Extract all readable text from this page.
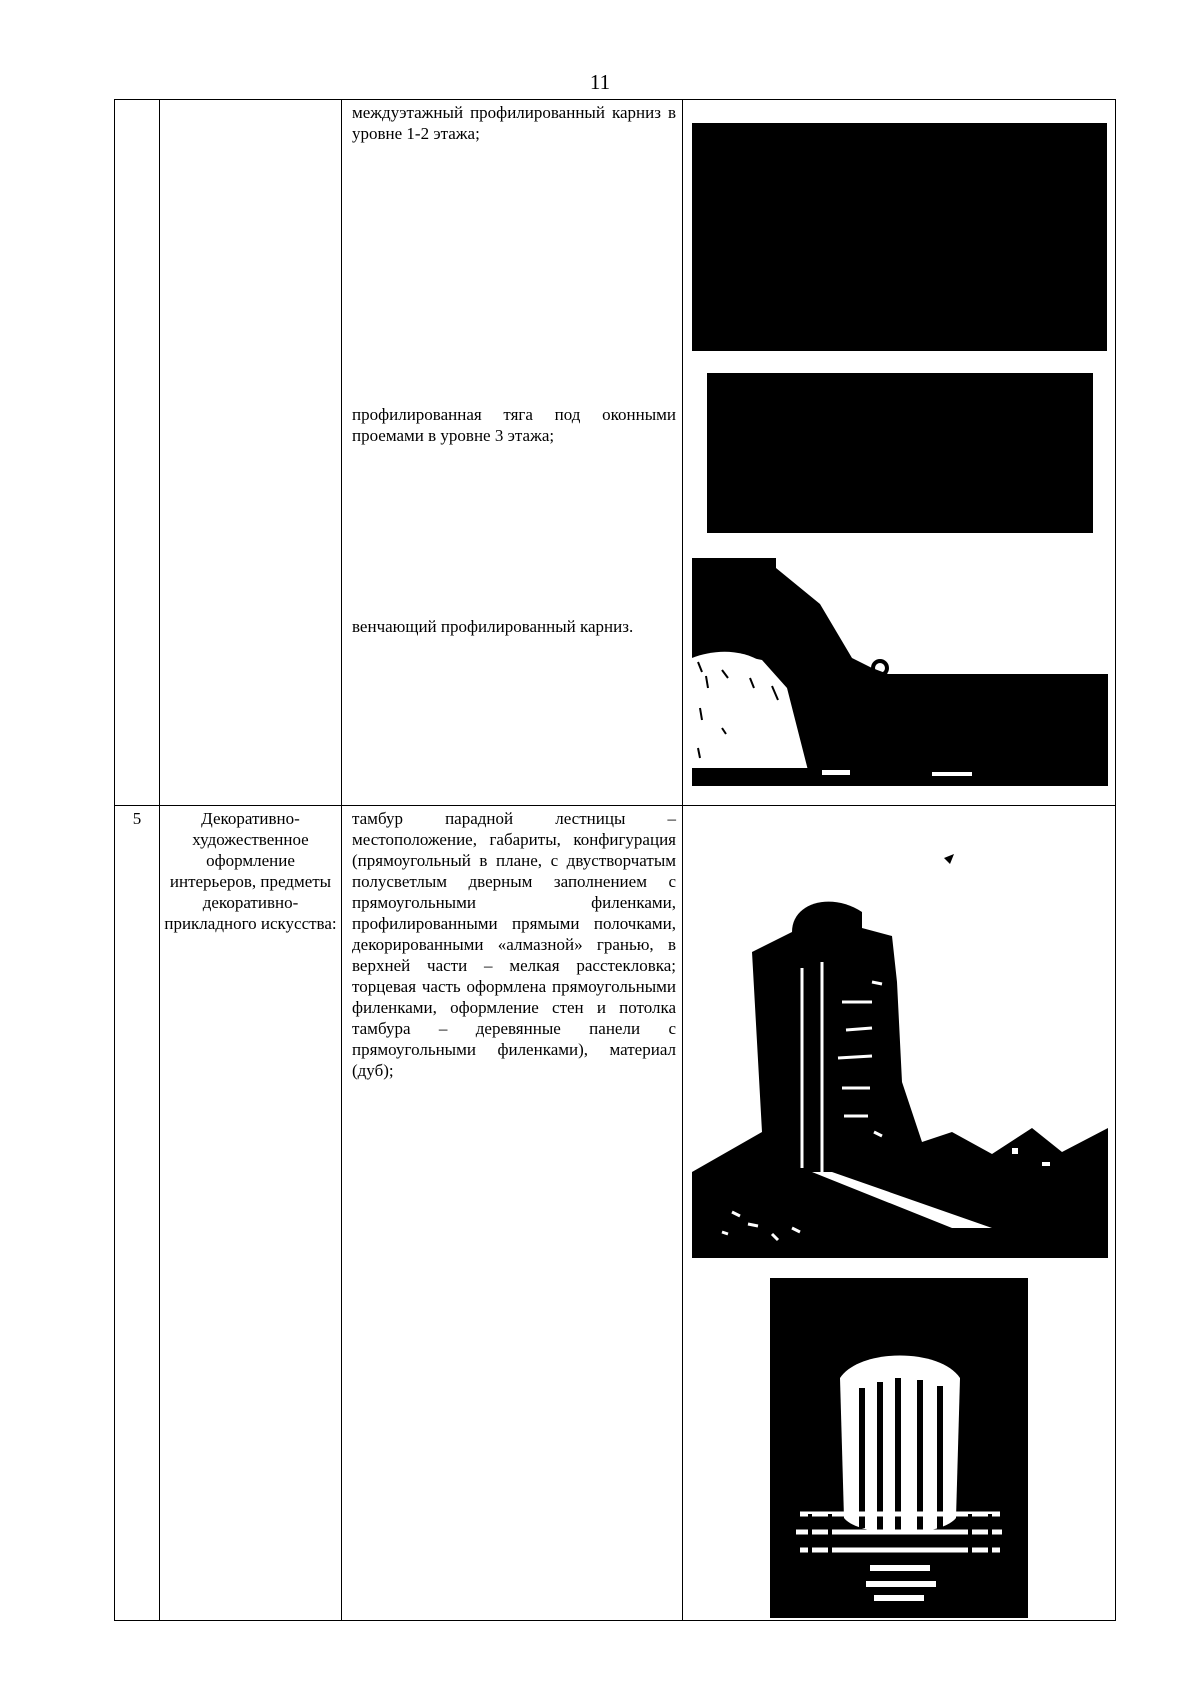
11

		междуэтажный профилированный карниз в уровне 1-2 этажа;
профилированная тяга под оконными проемами в уровне 3 этажа;
венчающий профилированный карниз.

5	Декоративно-художественное оформление интерьеров, предметы декоративно-прикладного искусства:	тамбур парадной лестницы – местоположение, габариты, конфигурация (прямоугольный в плане, с двустворчатым полусветлым дверным заполнением с прямоугольными филенками, профилированными прямыми полочками, декорированными «алмазной» гранью, в верхней части – мелкая расстекловка; торцевая часть оформлена прямоугольными филенками, оформление стен и потолка тамбура – деревянные панели с прямоугольными филенками), материал (дуб);
